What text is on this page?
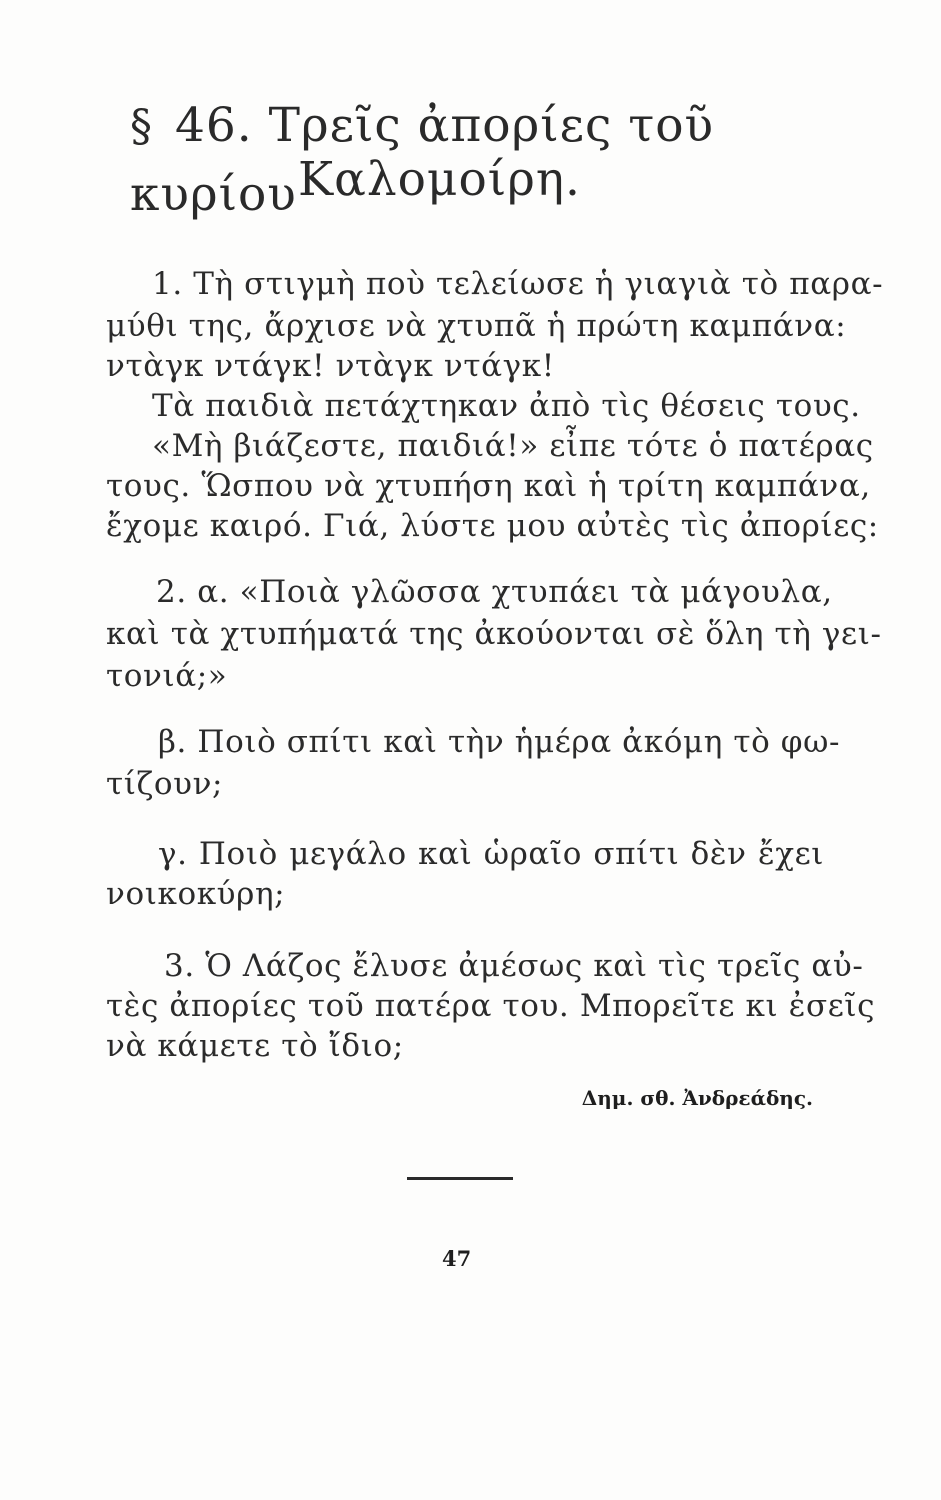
§ 46. Τρεῖς ἀπορίες τοῦ κυρίου Καλομοίρη.
1. Τὴ στιγμὴ ποὺ τελείωσε ἡ γιαγιὰ τὸ παρα-
μύθι της, ἄρχισε νὰ χτυπᾶ ἡ πρώτη καμπάνα:
ντὰγκ ντάγκ! ντὰγκ ντάγκ!
Τὰ παιδιὰ πετάχτηκαν ἀπὸ τὶς θέσεις τους.
«Μὴ βιάζεστε, παιδιά!» εἶπε τότε ὁ πατέρας
τους. Ὥσπου νὰ χτυπήση καὶ ἡ τρίτη καμπάνα,
ἔχομε καιρό. Γιά, λύστε μου αὐτὲς τὶς ἀπορίες:
2. α. «Ποιὰ γλῶσσα χτυπάει τὰ μάγουλα,
καὶ τὰ χτυπήματά της ἀκούονται σὲ ὅλη τὴ γει-
τονιά;»
β. Ποιὸ σπίτι καὶ τὴν ἡμέρα ἀκόμη τὸ φω-
τίζουν;
γ. Ποιὸ μεγάλο καὶ ὡραῖο σπίτι δὲν ἔχει
νοικοκύρη;
3. Ὁ Λάζος ἔλυσε ἀμέσως καὶ τὶς τρεῖς αὐ-
τὲς ἀπορίες τοῦ πατέρα του. Μπορεῖτε κι ἐσεῖς
νὰ κάμετε τὸ ἴδιο;
Δημ. σθ. Ἀνδρεάδης.
47
